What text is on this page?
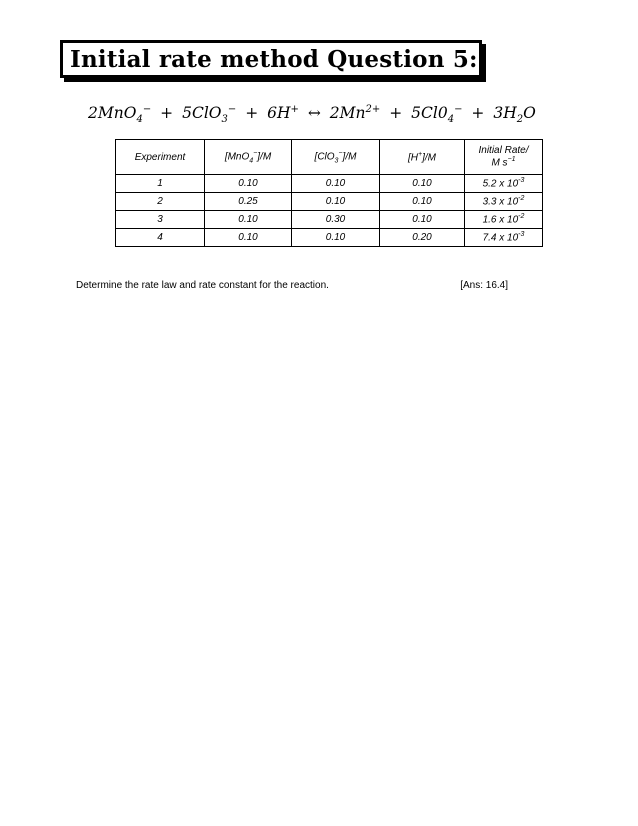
Initial rate method Question 5:
2MnO$_4$− + 5ClO$_3$− + 6H+ ↔ $2Mn^{2+} + 5Cl0_4^- + 3H_2O$
Experiment	[MnO$_4$−]/M	[ClO$_3$−]/M	[H+]/M	Initial Rate/
M $s^{-1}$
1	0.10	0.10	0.10	5.2 x $10^{-3}$
2	0.25	0.10	0.10	3.3 x $10^{-2}$
3	0.10	0.30	0.10	1.6 x $10^{-2}$
4	0.10	0.10	0.20	7.4 x $10^{-3}$
Determine the rate law and rate constant for the reaction.	[Ans: 16.4]
